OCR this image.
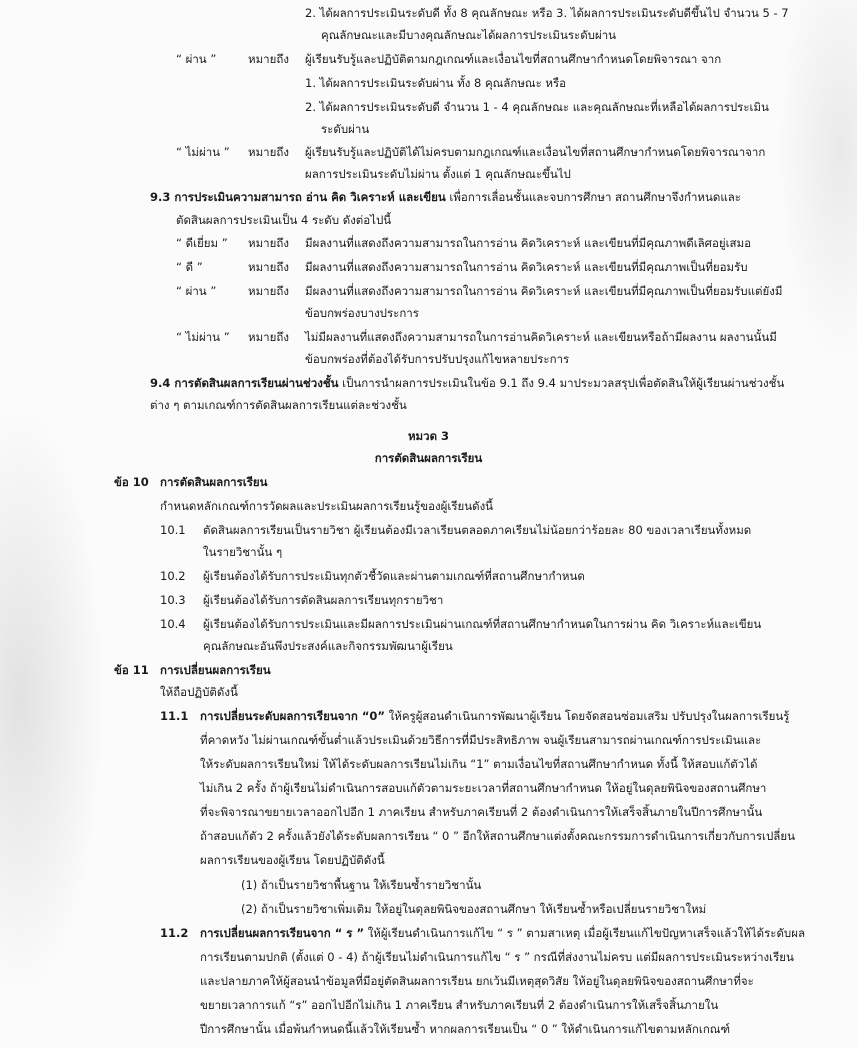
2. ได้ผลการประเมินระดับดี ทั้ง 8 คุณลักษณะ หรือ 3. ได้ผลการประเมินระดับดีขึ้นไป จำนวน 5 - 7
คุณลักษณะและมีบางคุณลักษณะได้ผลการประเมินระดับผ่าน
“ ผ่าน ”	หมายถึง ผู้เรียนรับรู้และปฏิบัติตามกฎเกณฑ์และเงื่อนไขที่สถานศึกษากำหนดโดยพิจารณา จาก
1. ได้ผลการประเมินระดับผ่าน ทั้ง 8 คุณลักษณะ หรือ
2. ได้ผลการประเมินระดับดี จำนวน 1 - 4 คุณลักษณะ และคุณลักษณะที่เหลือได้ผลการประเมิน
ระดับผ่าน
“ ไม่ผ่าน ” หมายถึง ผู้เรียนรับรู้และปฏิบัติได้ไม่ครบตามกฎเกณฑ์และเงื่อนไขที่สถานศึกษากำหนดโดยพิจารณาจาก
ผลการประเมินระดับไม่ผ่าน ตั้งแต่ 1 คุณลักษณะขึ้นไป
9.3 การประเมินความสามารถ อ่าน คิด วิเคราะห์ และเขียน เพื่อการเลื่อนชั้นและจบการศึกษา สถานศึกษาจึงกำหนดและ
ตัดสินผลการประเมินเป็น 4 ระดับ ดังต่อไปนี้
“ ดีเยี่ยม ” หมายถึง มีผลงานที่แสดงถึงความสามารถในการอ่าน คิดวิเคราะห์ และเขียนที่มีคุณภาพดีเลิศอยู่เสมอ
“ ดี ”	หมายถึง มีผลงานที่แสดงถึงความสามารถในการอ่าน คิดวิเคราะห์ และเขียนที่มีคุณภาพเป็นที่ยอมรับ
“ ผ่าน ”	หมายถึง มีผลงานที่แสดงถึงความสามารถในการอ่าน คิดวิเคราะห์ และเขียนที่มีคุณภาพเป็นที่ยอมรับแต่ยังมี
ข้อบกพร่องบางประการ
“ ไม่ผ่าน ” หมายถึง ไม่มีผลงานที่แสดงถึงความสามารถในการอ่านคิดวิเคราะห์ และเขียนหรือถ้ามีผลงาน ผลงานนั้นมี
ข้อบกพร่องที่ต้องได้รับการปรับปรุงแก้ไขหลายประการ
9.4 การตัดสินผลการเรียนผ่านช่วงชั้น เป็นการนำผลการประเมินในข้อ 9.1 ถึง 9.4 มาประมวลสรุปเพื่อตัดสินให้ผู้เรียนผ่านช่วงชั้น
ต่าง ๆ ตามเกณฑ์การตัดสินผลการเรียนแต่ละช่วงชั้น
หมวด 3
การตัดสินผลการเรียน
ข้อ 10 การตัดสินผลการเรียน
กำหนดหลักเกณฑ์การวัดผลและประเมินผลการเรียนรู้ของผู้เรียนดังนี้
10.1 ตัดสินผลการเรียนเป็นรายวิชา ผู้เรียนต้องมีเวลาเรียนตลอดภาคเรียนไม่น้อยกว่าร้อยละ 80 ของเวลาเรียนทั้งหมด
ในรายวิชานั้น ๆ
10.2 ผู้เรียนต้องได้รับการประเมินทุกตัวชี้วัดและผ่านตามเกณฑ์ที่สถานศึกษากำหนด
10.3 ผู้เรียนต้องได้รับการตัดสินผลการเรียนทุกรายวิชา
10.4 ผู้เรียนต้องได้รับการประเมินและมีผลการประเมินผ่านเกณฑ์ที่สถานศึกษากำหนดในการผ่าน คิด วิเคราะห์และเขียน
คุณลักษณะอันพึงประสงค์และกิจกรรมพัฒนาผู้เรียน
ข้อ 11 การเปลี่ยนผลการเรียน
ให้ถือปฏิบัติดังนี้
11.1 การเปลี่ยนระดับผลการเรียนจาก “0” ให้ครูผู้สอนดำเนินการพัฒนาผู้เรียน โดยจัดสอนซ่อมเสริม ปรับปรุงในผลการเรียนรู้
ที่คาดหวัง ไม่ผ่านเกณฑ์ขั้นต่ำแล้วประเมินด้วยวิธีการที่มีประสิทธิภาพ จนผู้เรียนสามารถผ่านเกณฑ์การประเมินและ
ให้ระดับผลการเรียนใหม่ ให้ได้ระดับผลการเรียนไม่เกิน “1” ตามเงื่อนไขที่สถานศึกษากำหนด ทั้งนี้ ให้สอบแก้ตัวได้
ไม่เกิน 2 ครั้ง ถ้าผู้เรียนไม่ดำเนินการสอบแก้ตัวตามระยะเวลาที่สถานศึกษากำหนด ให้อยู่ในดุลยพินิจของสถานศึกษา
ที่จะพิจารณาขยายเวลาออกไปอีก 1 ภาคเรียน สำหรับภาคเรียนที่ 2 ต้องดำเนินการให้เสร็จสิ้นภายในปีการศึกษานั้น
ถ้าสอบแก้ตัว 2 ครั้งแล้วยังได้ระดับผลการเรียน “ 0 ” อีกให้สถานศึกษาแต่งตั้งคณะกรรมการดำเนินการเกี่ยวกับการเปลี่ยน
ผลการเรียนของผู้เรียน โดยปฏิบัติดังนี้
(1) ถ้าเป็นรายวิชาพื้นฐาน ให้เรียนซ้ำรายวิชานั้น
(2) ถ้าเป็นรายวิชาเพิ่มเติม ให้อยู่ในดุลยพินิจของสถานศึกษา ให้เรียนซ้ำหรือเปลี่ยนรายวิชาใหม่
11.2 การเปลี่ยนผลการเรียนจาก “ ร ” ให้ผู้เรียนดำเนินการแก้ไข “ ร ” ตามสาเหตุ เมื่อผู้เรียนแก้ไขปัญหาเสร็จแล้วให้ได้ระดับผล
การเรียนตามปกติ (ตั้งแต่ 0 - 4) ถ้าผู้เรียนไม่ดำเนินการแก้ไข “ ร ” กรณีที่ส่งงานไม่ครบ แต่มีผลการประเมินระหว่างเรียน
และปลายภาคให้ผู้สอนนำข้อมูลที่มีอยู่ตัดสินผลการเรียน ยกเว้นมีเหตุสุดวิสัย ให้อยู่ในดุลยพินิจของสถานศึกษาที่จะ
ขยายเวลาการแก้ “ร” ออกไปอีกไม่เกิน 1 ภาคเรียน สำหรับภาคเรียนที่ 2 ต้องดำเนินการให้เสร็จสิ้นภายใน
ปีการศึกษานั้น เมื่อพ้นกำหนดนี้แล้วให้เรียนซ้ำ หากผลการเรียนเป็น “ 0 ” ให้ดำเนินการแก้ไขตามหลักเกณฑ์
